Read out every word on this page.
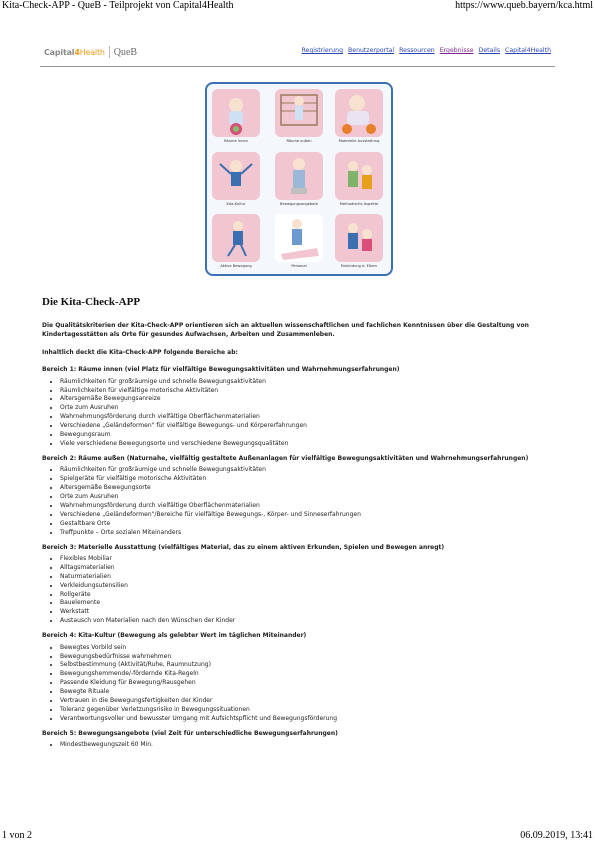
Kita-Check-APP - QueB - Teilprojekt von Capital4Health	https://www.queb.bayern/kca.html
Capital4Health QueB	Registrierung Benutzerportal Ressourcen Ergebnisse Details Capital4Health
Räume innen	Räume außen	Materielle Ausstattung
Kita-Kultur	Bewegungsangebote	Methodische Aspekte
Aktive Bewegung	Personal	Einbindung d. Eltern
Die Kita-Check-APP

Die Qualitätskriterien der Kita-Check-APP orientieren sich an aktuellen wissenschaftlichen und fachlichen Kenntnissen über die Gestaltung von Kindertagesstätten als Orte für gesundes Aufwachsen, Arbeiten und Zusammenleben.

Inhaltlich deckt die Kita-Check-APP folgende Bereiche ab:

Bereich 1: Räume innen (viel Platz für vielfältige Bewegungsaktivitäten und Wahrnehmungserfahrungen)

• Räumlichkeiten für großräumige und schnelle Bewegungsaktivitäten
• Räumlichkeiten für vielfältige motorische Aktivitäten
• Altersgemäße Bewegungsanreize
• Orte zum Ausruhen
• Wahrnehmungsförderung durch vielfältige Oberflächenmaterialien
• Verschiedene „Geländeformen" für vielfältige Bewegungs- und Körpererfahrungen
• Bewegungsraum
• Viele verschiedene Bewegungsorte und verschiedene Bewegungsqualitäten

Bereich 2: Räume außen (Naturnahe, vielfältig gestaltete Außenanlagen für vielfältige Bewegungsaktivitäten und Wahrnehmungserfahrungen)

• Räumlichkeiten für großräumige und schnelle Bewegungsaktivitäten
• Spielgeräte für vielfältige motorische Aktivitäten
• Altersgemäße Bewegungsorte
• Orte zum Ausruhen
• Wahrnehmungsförderung durch vielfältige Oberflächenmaterialien
• Verschiedene „Geländeformen"/Bereiche für vielfältige Bewegungs-, Körper- und Sinneserfahrungen
• Gestaltbare Orte
• Treffpunkte – Orte sozialen Miteinanders

Bereich 3: Materielle Ausstattung (vielfältiges Material, das zu einem aktiven Erkunden, Spielen und Bewegen anregt)

• Flexibles Mobiliar
• Alltagsmaterialien
• Naturmaterialien
• Verkleidungsutensilien
• Rollgeräte
• Bauelemente
• Werkstatt
• Austausch von Materialien nach den Wünschen der Kinder

Bereich 4: Kita-Kultur (Bewegung als gelebter Wert im täglichen Miteinander)

• Bewegtes Vorbild sein
• Bewegungsbedürfnisse wahrnehmen
• Selbstbestimmung (Aktivität/Ruhe, Raumnutzung)
• Bewegungshemmende/-fördernde Kita-Regeln
• Passende Kleidung für Bewegung/Rausgehen
• Bewegte Rituale
• Vertrauen in die Bewegungsfertigkeiten der Kinder
• Toleranz gegenüber Verletzungsrisiko in Bewegungssituationen
• Verantwortungsvoller und bewusster Umgang mit Aufsichtspflicht und Bewegungsförderung

Bereich 5: Bewegungsangebote (viel Zeit für unterschiedliche Bewegungserfahrungen)

• Mindestbewegungszeit 60 Min.
1 von 2	06.09.2019, 13:41
